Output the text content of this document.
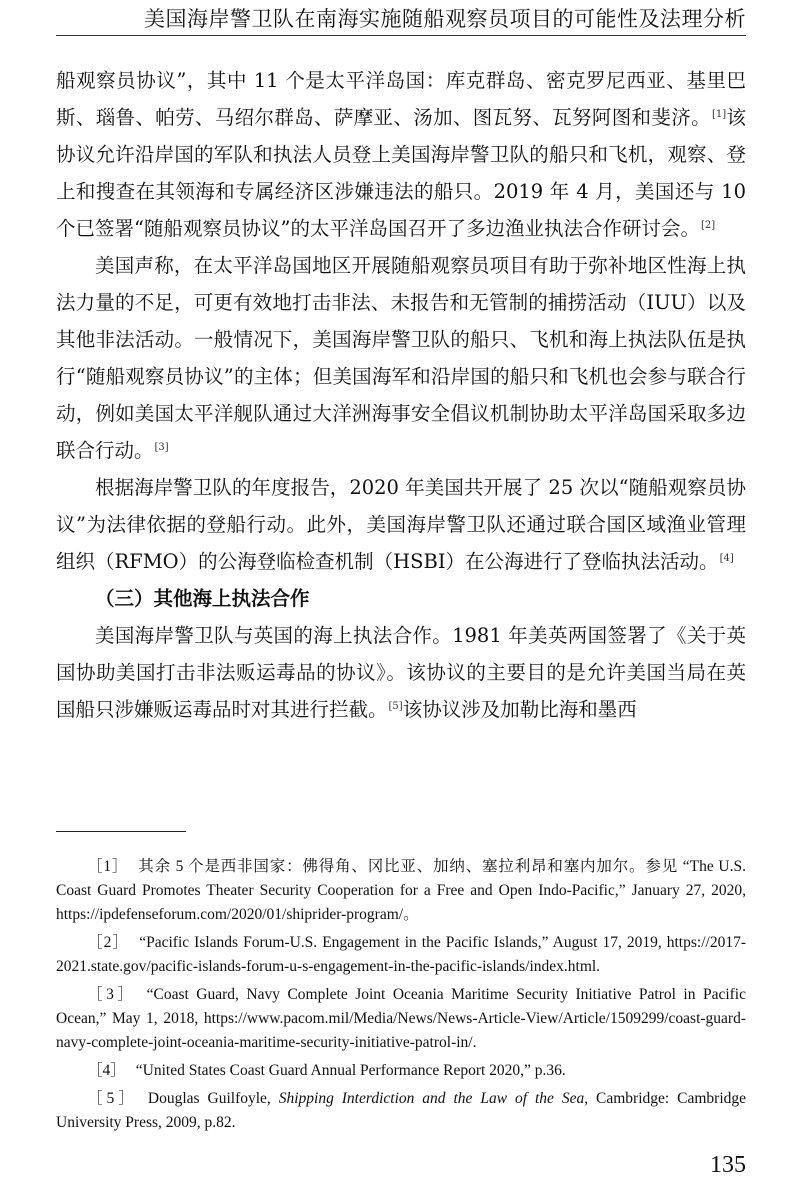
美国海岸警卫队在南海实施随船观察员项目的可能性及法理分析

船观察员协议”，其中 11 个是太平洋岛国：库克群岛、密克罗尼西亚、基里巴斯、瑙鲁、帕劳、马绍尔群岛、萨摩亚、汤加、图瓦努、瓦努阿图和斐济。[1]该协议允许沿岸国的军队和执法人员登上美国海岸警卫队的船只和飞机，观察、登上和搜查在其领海和专属经济区涉嫌违法的船只。2019 年 4 月，美国还与 10 个已签署“随船观察员协议”的太平洋岛国召开了多边渔业执法合作研讨会。[2]

美国声称，在太平洋岛国地区开展随船观察员项目有助于弥补地区性海上执法力量的不足，可更有效地打击非法、未报告和无管制的捕捞活动（IUU）以及其他非法活动。一般情况下，美国海岸警卫队的船只、飞机和海上执法队伍是执行“随船观察员协议”的主体；但美国海军和沿岸国的船只和飞机也会参与联合行动，例如美国太平洋舰队通过大洋洲海事安全倡议机制协助太平洋岛国采取多边联合行动。[3]

根据海岸警卫队的年度报告，2020 年美国共开展了 25 次以“随船观察员协议”为法律依据的登船行动。此外，美国海岸警卫队还通过联合国区域渔业管理组织（RFMO）的公海登临检查机制（HSBI）在公海进行了登临执法活动。[4]

（三）其他海上执法合作

美国海岸警卫队与英国的海上执法合作。1981 年美英两国签署了《关于英国协助美国打击非法贩运毒品的协议》。该协议的主要目的是允许美国当局在英国船只涉嫌贩运毒品时对其进行拦截。[5]该协议涉及加勒比海和墨西

［1］ 其余 5 个是西非国家：佛得角、冈比亚、加纳、塞拉利昂和塞内加尔。参见 “The U.S. Coast Guard Promotes Theater Security Cooperation for a Free and Open Indo-Pacific,” January 27, 2020, https://ipdefenseforum.com/2020/01/shiprider-program/。

［2］ “Pacific Islands Forum-U.S. Engagement in the Pacific Islands,” August 17, 2019, https://2017-2021.state.gov/pacific-islands-forum-u-s-engagement-in-the-pacific-islands/index.html.

［3］ “Coast Guard, Navy Complete Joint Oceania Maritime Security Initiative Patrol in Pacific Ocean,” May 1, 2018, https://www.pacom.mil/Media/News/News-Article-View/Article/1509299/coast-guard-navy-complete-joint-oceania-maritime-security-initiative-patrol-in/.

［4］ “United States Coast Guard Annual Performance Report 2020,” p.36.

［5］ Douglas Guilfoyle, Shipping Interdiction and the Law of the Sea, Cambridge: Cambridge University Press, 2009, p.82.

135
